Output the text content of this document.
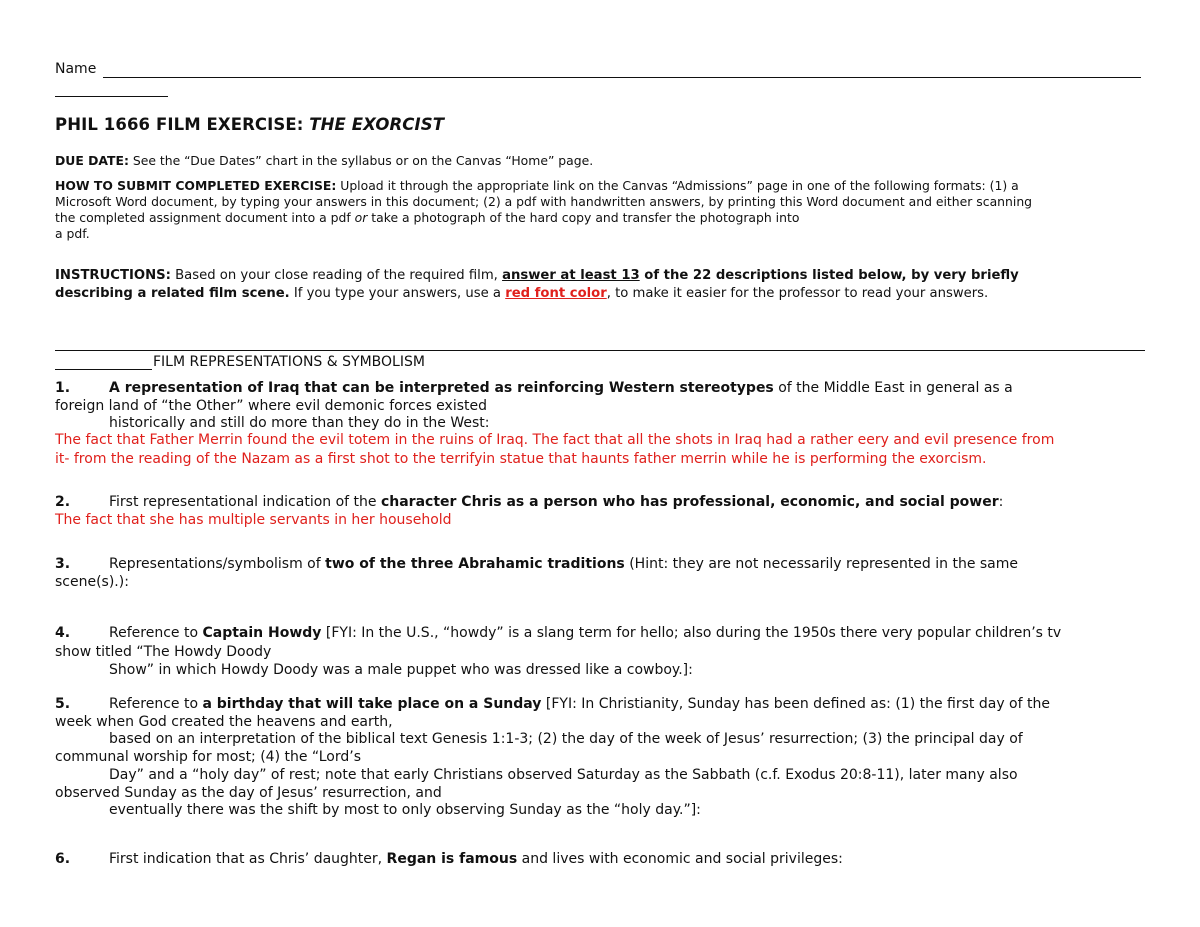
Name
PHIL 1666 FILM EXERCISE: THE EXORCIST
DUE DATE: See the “Due Dates” chart in the syllabus or on the Canvas “Home” page.
HOW TO SUBMIT COMPLETED EXERCISE: Upload it through the appropriate link on the Canvas “Admissions” page in one of the following formats: (1) a
Microsoft Word document, by typing your answers in this document; (2) a pdf with handwritten answers, by printing this Word document and either scanning
the completed assignment document into a pdf or take a photograph of the hard copy and transfer the photograph into
a pdf.
INSTRUCTIONS: Based on your close reading of the required film, answer at least 13 of the 22 descriptions listed below, by very briefly
describing a related film scene. If you type your answers, use a red font color, to make it easier for the professor to read your answers.
FILM REPRESENTATIONS & SYMBOLISM
1.	A representation of Iraq that can be interpreted as reinforcing Western stereotypes of the Middle East in general as a
foreign land of “the Other” where evil demonic forces existed
historically and still do more than they do in the West:
The fact that Father Merrin found the evil totem in the ruins of Iraq. The fact that all the shots in Iraq had a rather eery and evil presence from
it- from the reading of the Nazam as a first shot to the terrifyin statue that haunts father merrin while he is performing the exorcism.
2.	First representational indication of the character Chris as a person who has professional, economic, and social power:
The fact that she has multiple servants in her household
3.	Representations/symbolism of two of the three Abrahamic traditions (Hint: they are not necessarily represented in the same
scene(s).):
4.	Reference to Captain Howdy [FYI: In the U.S., “howdy” is a slang term for hello; also during the 1950s there very popular children’s tv
show titled “The Howdy Doody
Show” in which Howdy Doody was a male puppet who was dressed like a cowboy.]:
5.	Reference to a birthday that will take place on a Sunday [FYI: In Christianity, Sunday has been defined as: (1) the first day of the
week when God created the heavens and earth,
based on an interpretation of the biblical text Genesis 1:1-3; (2) the day of the week of Jesus’ resurrection; (3) the principal day of
communal worship for most; (4) the “Lord’s
Day” and a “holy day” of rest; note that early Christians observed Saturday as the Sabbath (c.f. Exodus 20:8-11), later many also
observed Sunday as the day of Jesus’ resurrection, and
eventually there was the shift by most to only observing Sunday as the “holy day.”]:
6.	First indication that as Chris’ daughter, Regan is famous and lives with economic and social privileges:
